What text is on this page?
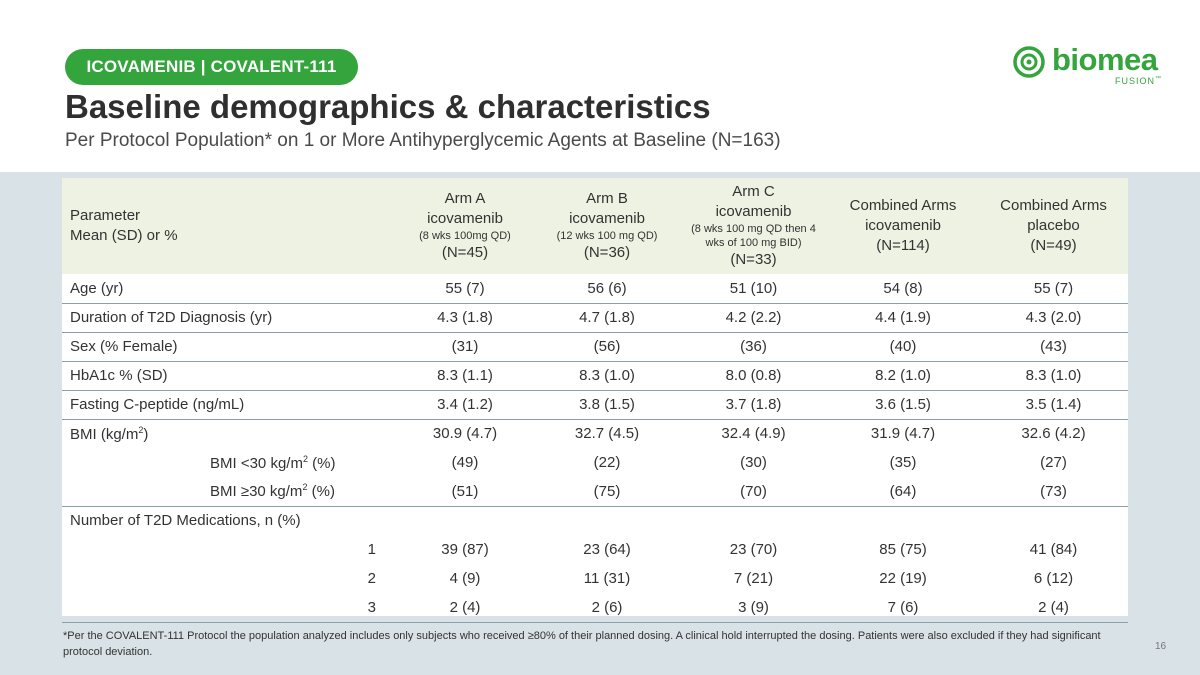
ICOVAMENIB | COVALENT-111
Baseline demographics & characteristics
Per Protocol Population* on 1 or More Antihyperglycemic Agents at Baseline (N=163)
biomea
FUSION™
Parameter
Mean (SD) or %	Arm A
icovamenib
(8 wks 100mg QD)
(N=45)	Arm B
icovamenib
(12 wks 100 mg QD)
(N=36)	Arm C
icovamenib
(8 wks 100 mg QD then 4 wks of 100 mg BID)
(N=33)	Combined Arms
icovamenib
(N=114)	Combined Arms
placebo
(N=49)

Age (yr)	55 (7)	56 (6)	51 (10)	54 (8)	55 (7)
Duration of T2D Diagnosis (yr)	4.3 (1.8)	4.7 (1.8)	4.2 (2.2)	4.4 (1.9)	4.3 (2.0)
Sex (% Female)	(31)	(56)	(36)	(40)	(43)
HbA1c % (SD)	8.3 (1.1)	8.3 (1.0)	8.0 (0.8)	8.2 (1.0)	8.3 (1.0)
Fasting C-peptide (ng/mL)	3.4 (1.2)	3.8 (1.5)	3.7 (1.8)	3.6 (1.5)	3.5 (1.4)
BMI $(kg/m^2)$	30.9 (4.7)	32.7 (4.5)	32.4 (4.9)	31.9 (4.7)	32.6 (4.2)
BMI <30 $kg/m^2$ (%)	(49)	(22)	(30)	(35)	(27)
BMI ≥30 $kg/m^2$ (%)	(51)	(75)	(70)	(64)	(73)
Number of T2D Medications, n (%)					
1	39 (87)	23 (64)	23 (70)	85 (75)	41 (84)
2	4 (9)	11 (31)	7 (21)	22 (19)	6 (12)
3	2 (4)	2 (6)	3 (9)	7 (6)	2 (4)
*Per the COVALENT-111 Protocol the population analyzed includes only subjects who received ≥80% of their planned dosing. A clinical hold interrupted the dosing. Patients were also excluded if they had significant protocol deviation.	16
